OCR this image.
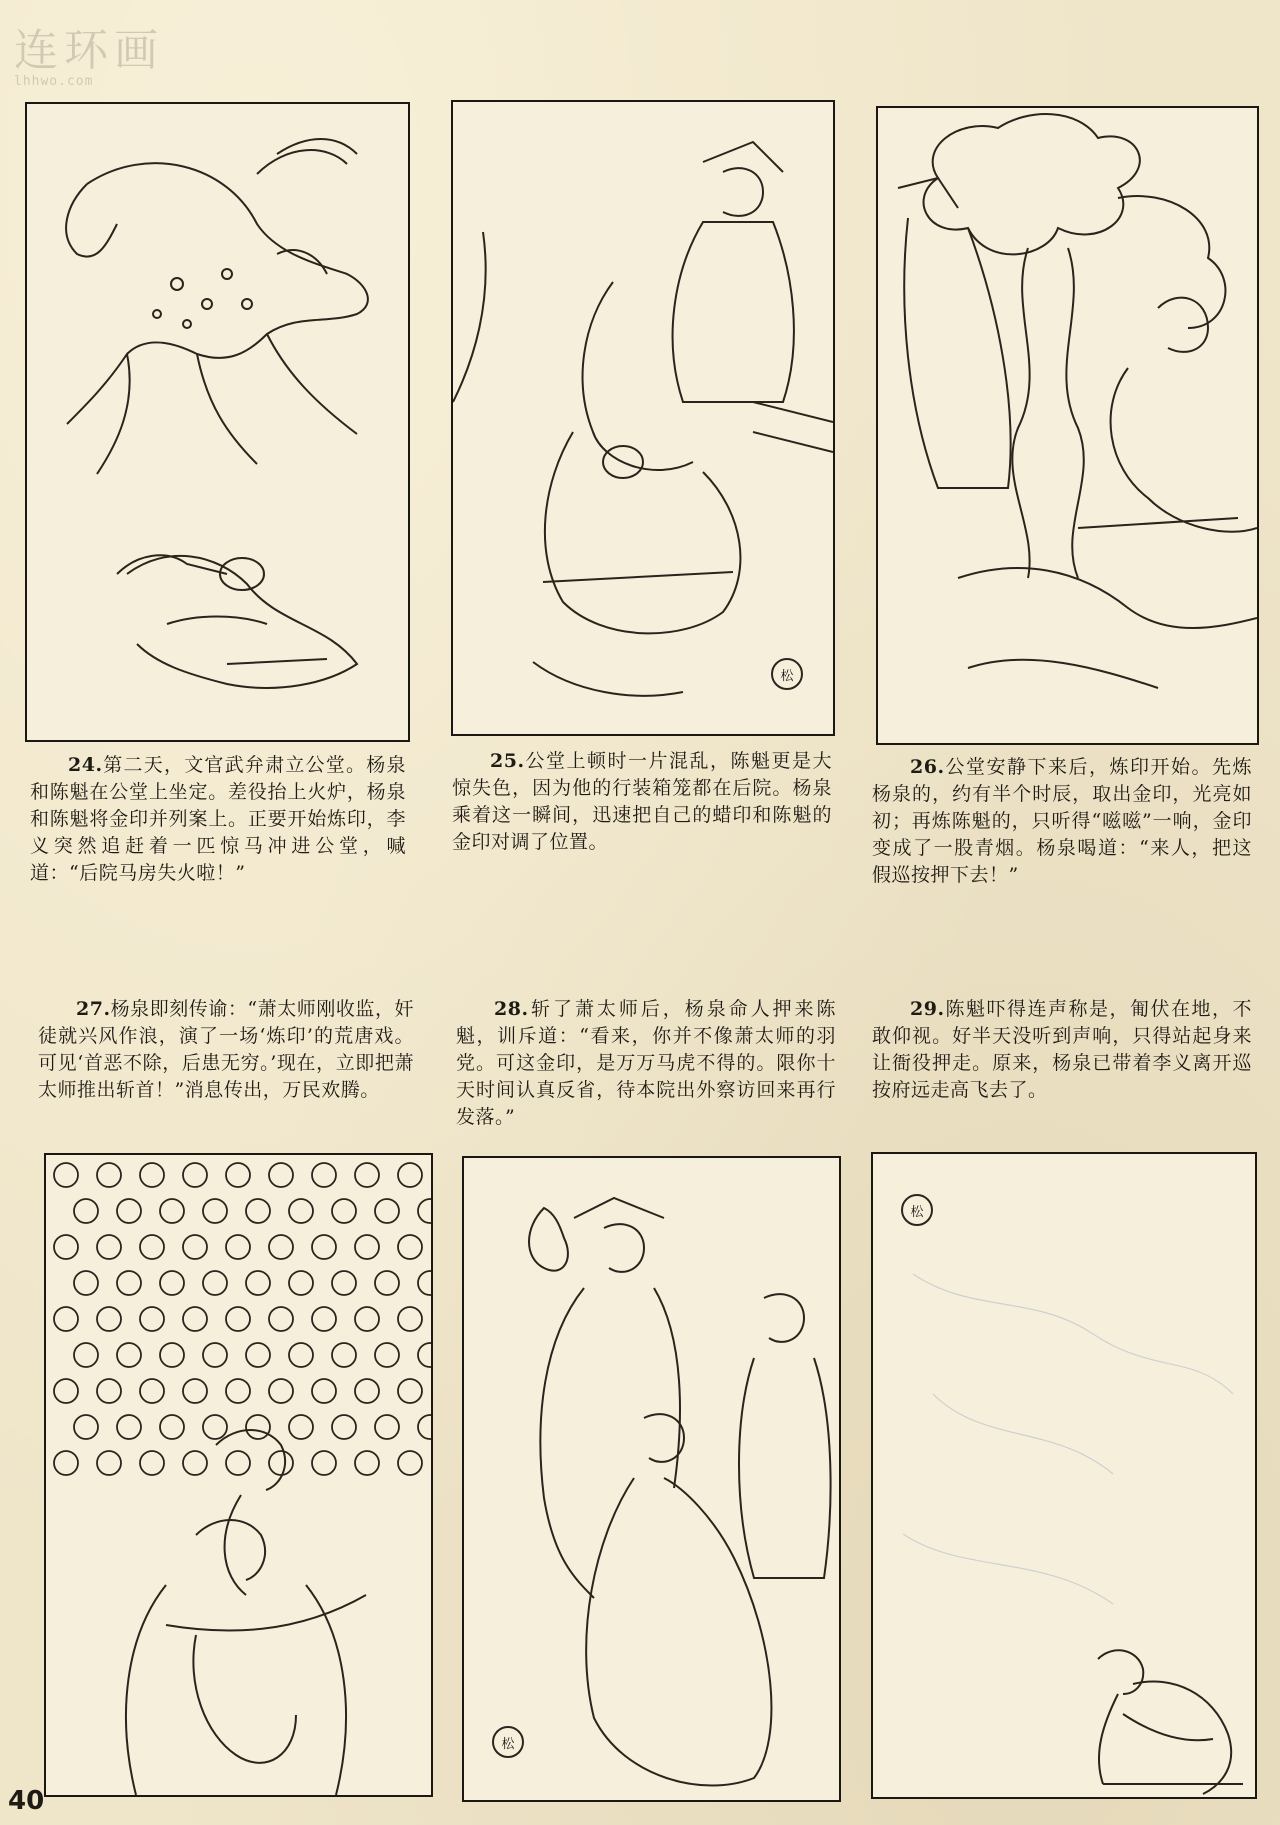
连环画
lhhwo.com
24.第二天，文官武弁肃立公堂。杨泉和陈魁在公堂上坐定。差役抬上火炉，杨泉和陈魁将金印并列案上。正要开始炼印，李义突然追赶着一匹惊马冲进公堂，喊道：“后院马房失火啦！”
松
25.公堂上顿时一片混乱，陈魁更是大惊失色，因为他的行装箱笼都在后院。杨泉乘着这一瞬间，迅速把自己的蜡印和陈魁的金印对调了位置。
26.公堂安静下来后，炼印开始。先炼杨泉的，约有半个时辰，取出金印，光亮如初；再炼陈魁的，只听得“嗞嗞”一响，金印变成了一股青烟。杨泉喝道：“来人，把这假巡按押下去！”
27.杨泉即刻传谕：“萧太师刚收监，奸徒就兴风作浪，演了一场‘炼印’的荒唐戏。可见‘首恶不除，后患无穷。’现在，立即把萧太师推出斩首！”消息传出，万民欢腾。
28.斩了萧太师后，杨泉命人押来陈魁，训斥道：“看来，你并不像萧太师的羽党。可这金印，是万万马虎不得的。限你十天时间认真反省，待本院出外察访回来再行发落。”
29.陈魁吓得连声称是，匍伏在地，不敢仰视。好半天没听到声响，只得站起身来让衙役押走。原来，杨泉已带着李义离开巡按府远走高飞去了。
松
松
40
